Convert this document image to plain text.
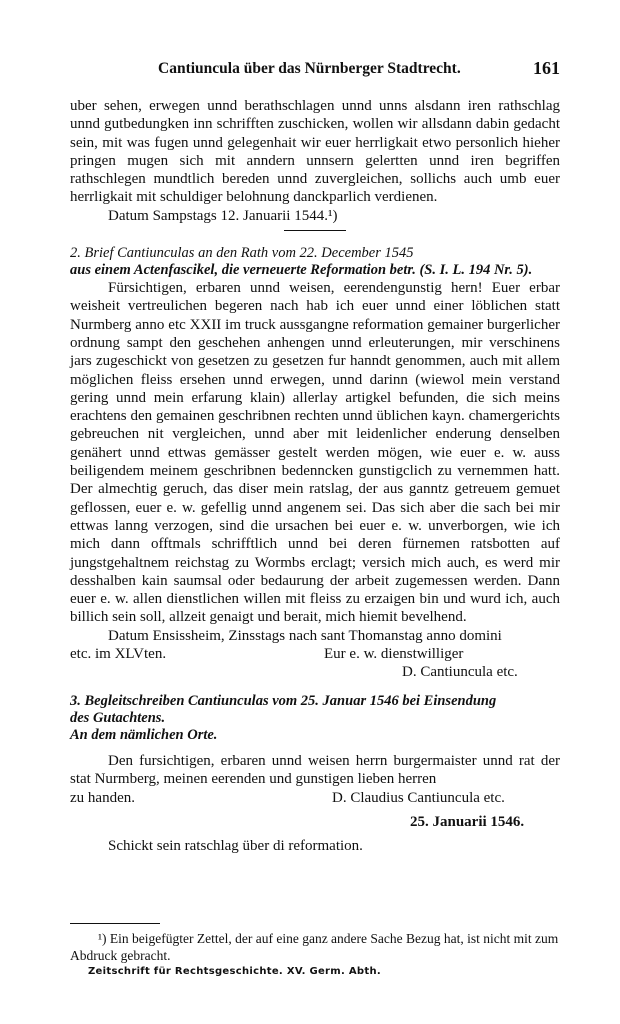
Cantiuncula über das Nürnberger Stadtrecht.	161

uber sehen, erwegen unnd berathschlagen unnd unns alsdann iren rathschlag unnd gutbedungken inn schrifften zuschicken, wollen wir allsdann dabin gedacht sein, mit was fugen unnd gelegenhait wir euer herrligkait etwo personlich hieher pringen mugen sich mit anndern unnsern gelertten unnd iren begriffen rathschlegen mundtlich bereden unnd zuvergleichen, sollichs auch umb euer herrligkait mit schuldiger belohnung danckparlich verdienen.

Datum Sampstags 12. Januarii 1544.¹)

2. Brief Cantiunculas an den Rath vom 22. December 1545

aus einem Actenfascikel, die verneuerte Reformation betr. (S. I. L. 194 Nr. 5).

Fürsichtigen, erbaren unnd weisen, eerendengunstig hern! Euer erbar weisheit vertreulichen begeren nach hab ich euer unnd einer löblichen statt Nurmberg anno etc XXII im truck aussgangne reformation gemainer burgerlicher ordnung sampt den geschehen anhengen unnd erleuterungen, mir verschinens jars zugeschickt von gesetzen zu gesetzen fur hanndt genommen, auch mit allem möglichen fleiss ersehen unnd erwegen, unnd darinn (wiewol mein verstand gering unnd mein erfarung klain) allerlay artigkel befunden, die sich meins erachtens den gemainen geschribnen rechten unnd üblichen kayn. chamergerichts gebreuchen nit vergleichen, unnd aber mit leidenlicher enderung denselben genähert unnd ettwas gemässer gestelt werden mögen, wie euer e. w. auss beiligendem meinem geschribnen bedenncken gunstigclich zu vernemmen hatt. Der almechtig geruch, das diser mein ratslag, der aus ganntz getreuem gemuet geflossen, euer e. w. gefellig unnd angenem sei. Das sich aber die sach bei mir ettwas lanng verzogen, sind die ursachen bei euer e. w. unverborgen, wie ich mich dann offtmals schrifftlich unnd bei deren fürnemen ratsbotten auf jungstgehaltnem reichstag zu Wormbs erclagt; versich mich auch, es werd mir desshalben kain saumsal oder bedaurung der arbeit zugemessen werden. Dann euer e. w. allen dienstlichen willen mit fleiss zu erzaigen bin und wurd ich, auch billich sein soll, allzeit genaigt und berait, mich hiemit bevelhend.

Datum Ensissheim, Zinsstags nach sant Thomanstag anno domini

etc. im XLVten.	Eur e. w. dienstwilliger
D. Cantiuncula etc.

3. Begleitschreiben Cantiunculas vom 25. Januar 1546 bei Einsendung

des Gutachtens.

An dem nämlichen Orte.

Den fursichtigen, erbaren unnd weisen herrn burgermaister unnd rat der stat Nurmberg, meinen eerenden und gunstigen lieben herren

zu handen.	D. Claudius Cantiuncula etc.
25. Januarii 1546.

Schickt sein ratschlag über di reformation.

¹) Ein beigefügter Zettel, der auf eine ganz andere Sache Bezug hat, ist nicht mit zum Abdruck gebracht.

Zeitschrift für Rechtsgeschichte. XV. Germ. Abth.
